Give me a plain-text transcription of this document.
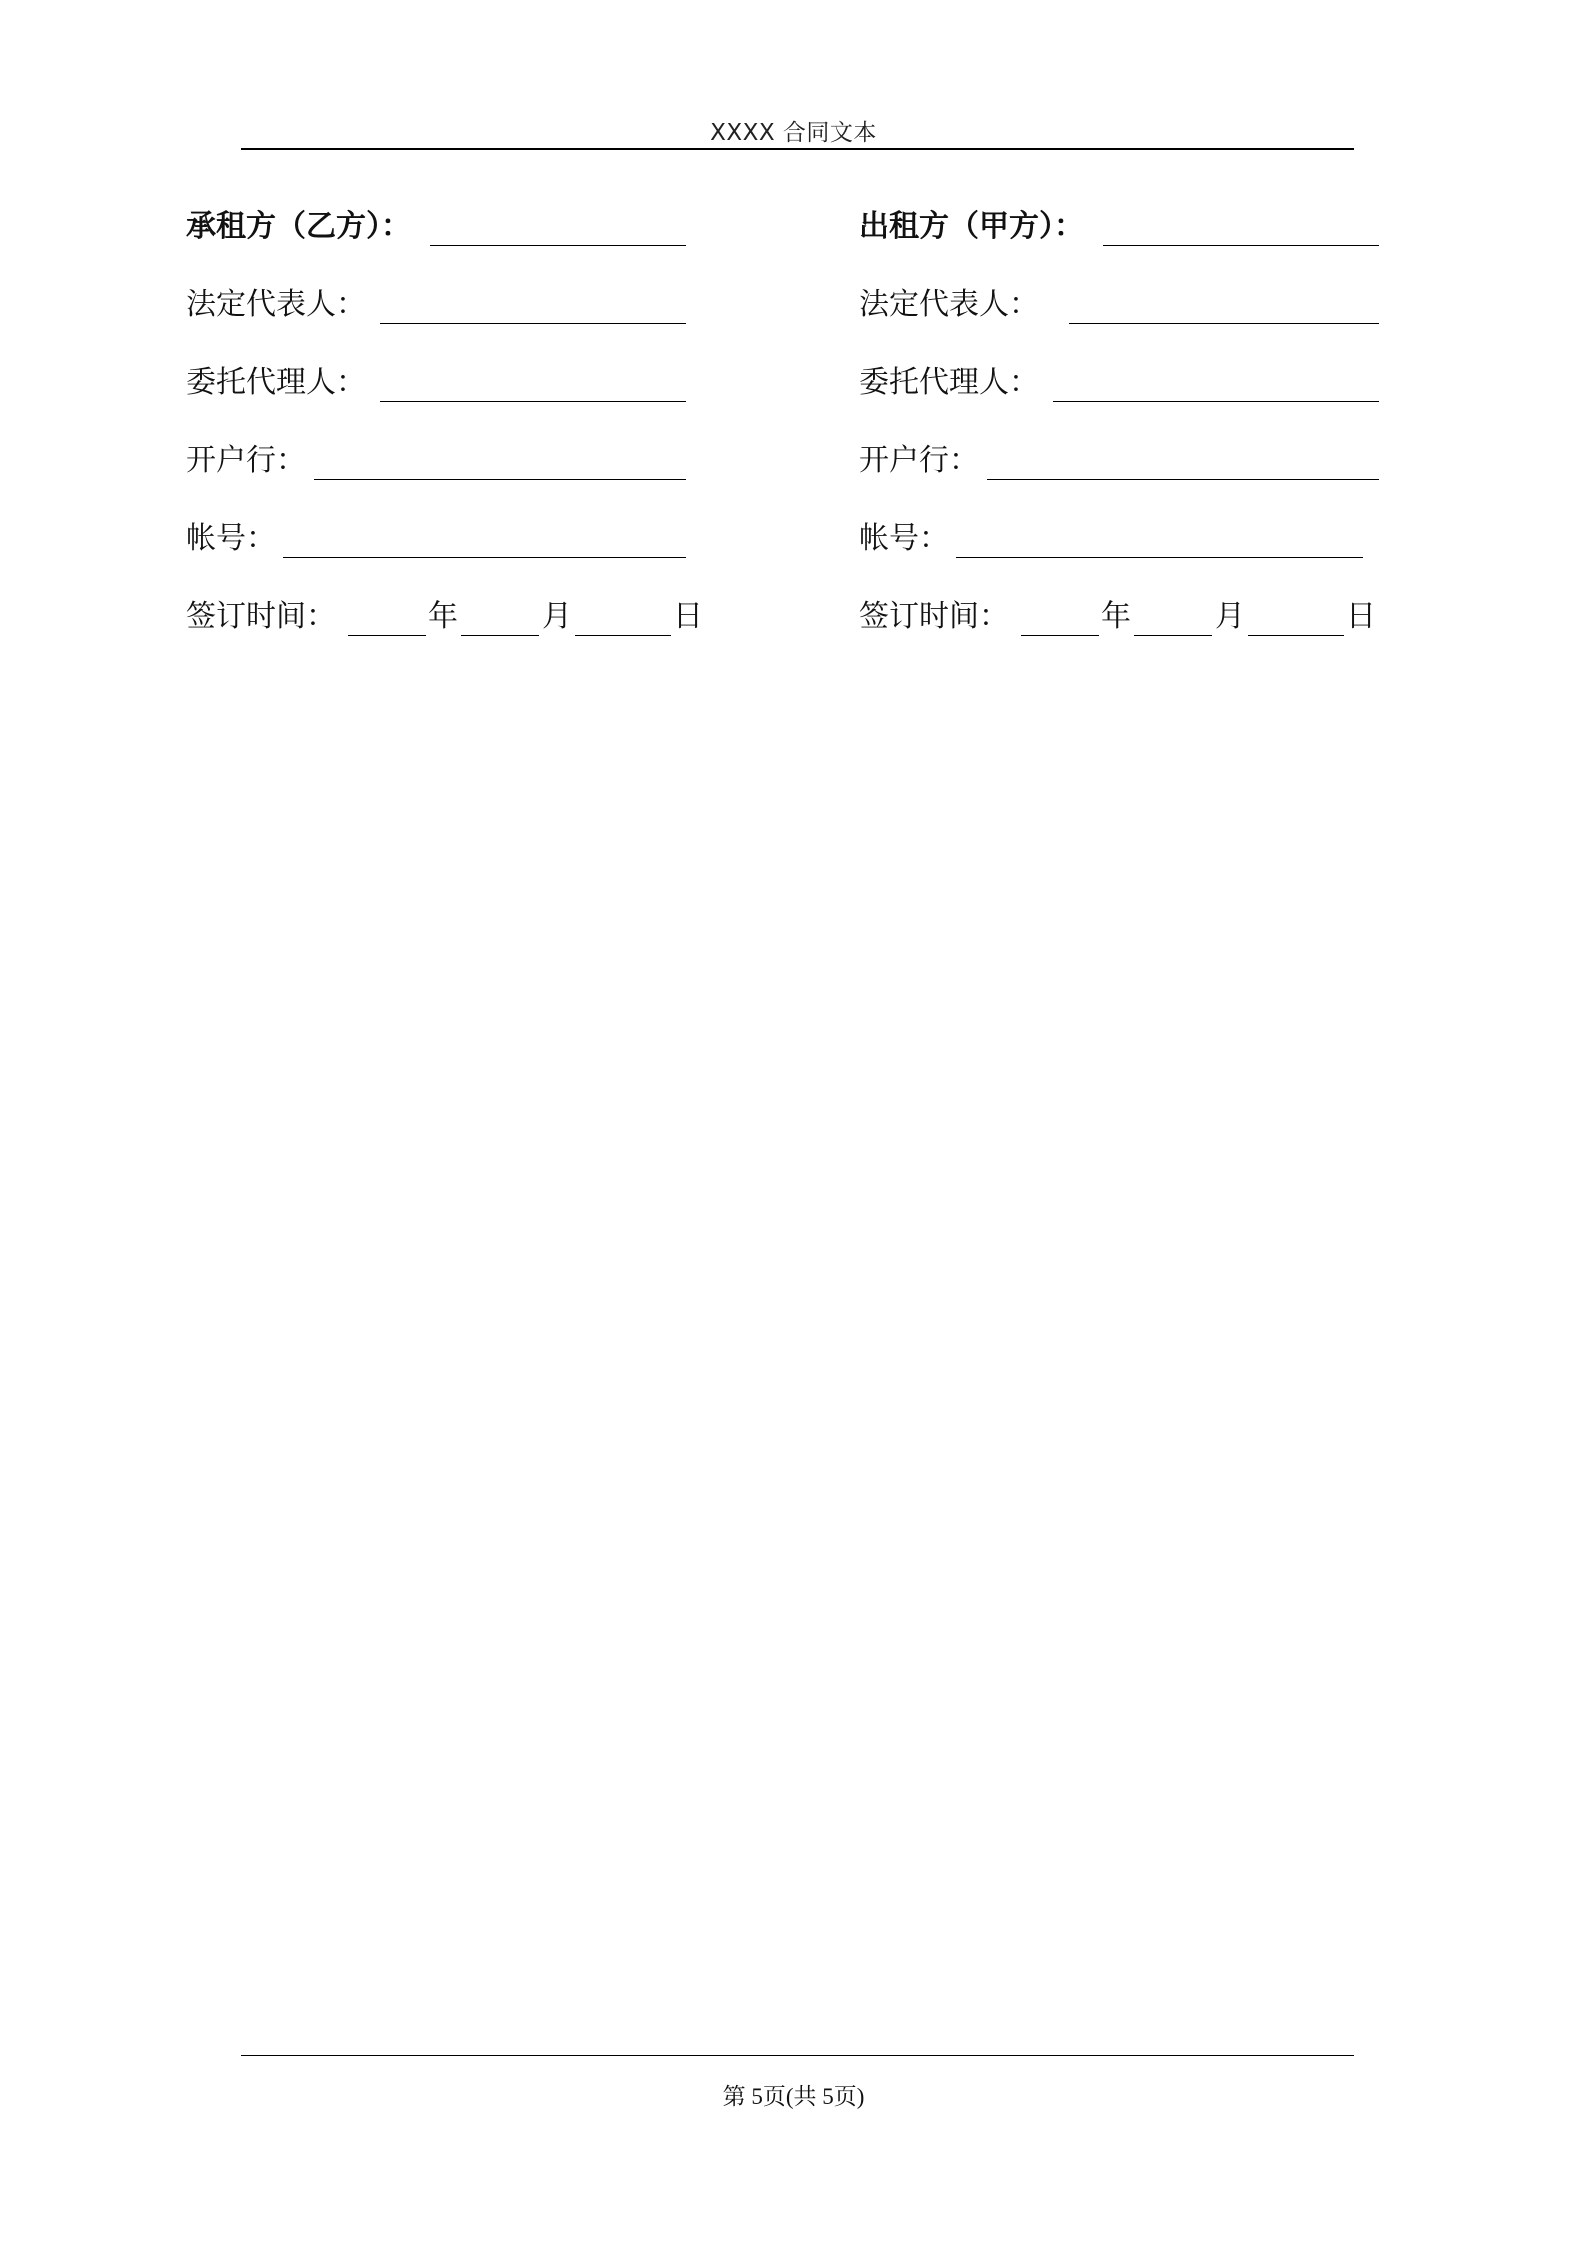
XXXX 合同文本
承租方（乙方）：
法定代表人：
委托代理人：
开户行：
帐号：
签订时间：	年	月	日
出租方（甲方）：
法定代表人：
委托代理人：
开户行：
帐号：
签订时间：	年	月	日
第 5页(共 5页)
